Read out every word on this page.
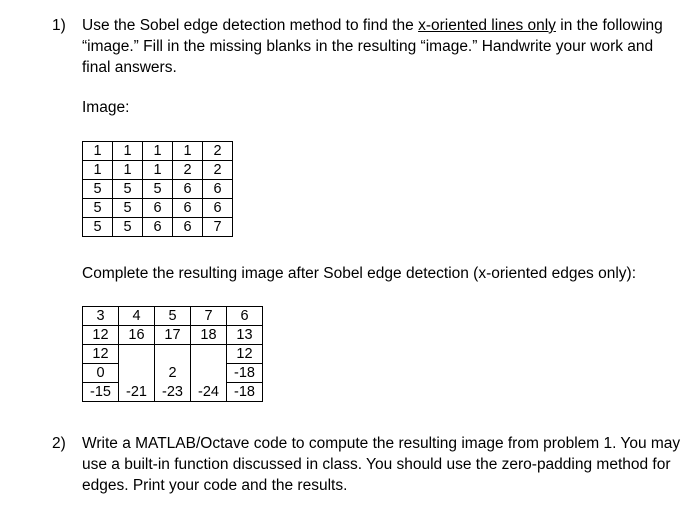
1) Use the Sobel edge detection method to find the x-oriented lines only in the following “image.” Fill in the missing blanks in the resulting “image.” Handwrite your work and final answers.
Image:
1	1	1	1	2
1	1	1	2	2
5	5	5	6	6
5	5	6	6	6
5	5	6	6	7
Complete the resulting image after Sobel edge detection (x-oriented edges only):
3	4	5	7	6
12	16	17	18	13
12				12
0		2		-18
-15	-21	-23	-24	-18
2) Write a MATLAB/Octave code to compute the resulting image from problem 1. You may use a built-in function discussed in class. You should use the zero-padding method for edges. Print your code and the results.
